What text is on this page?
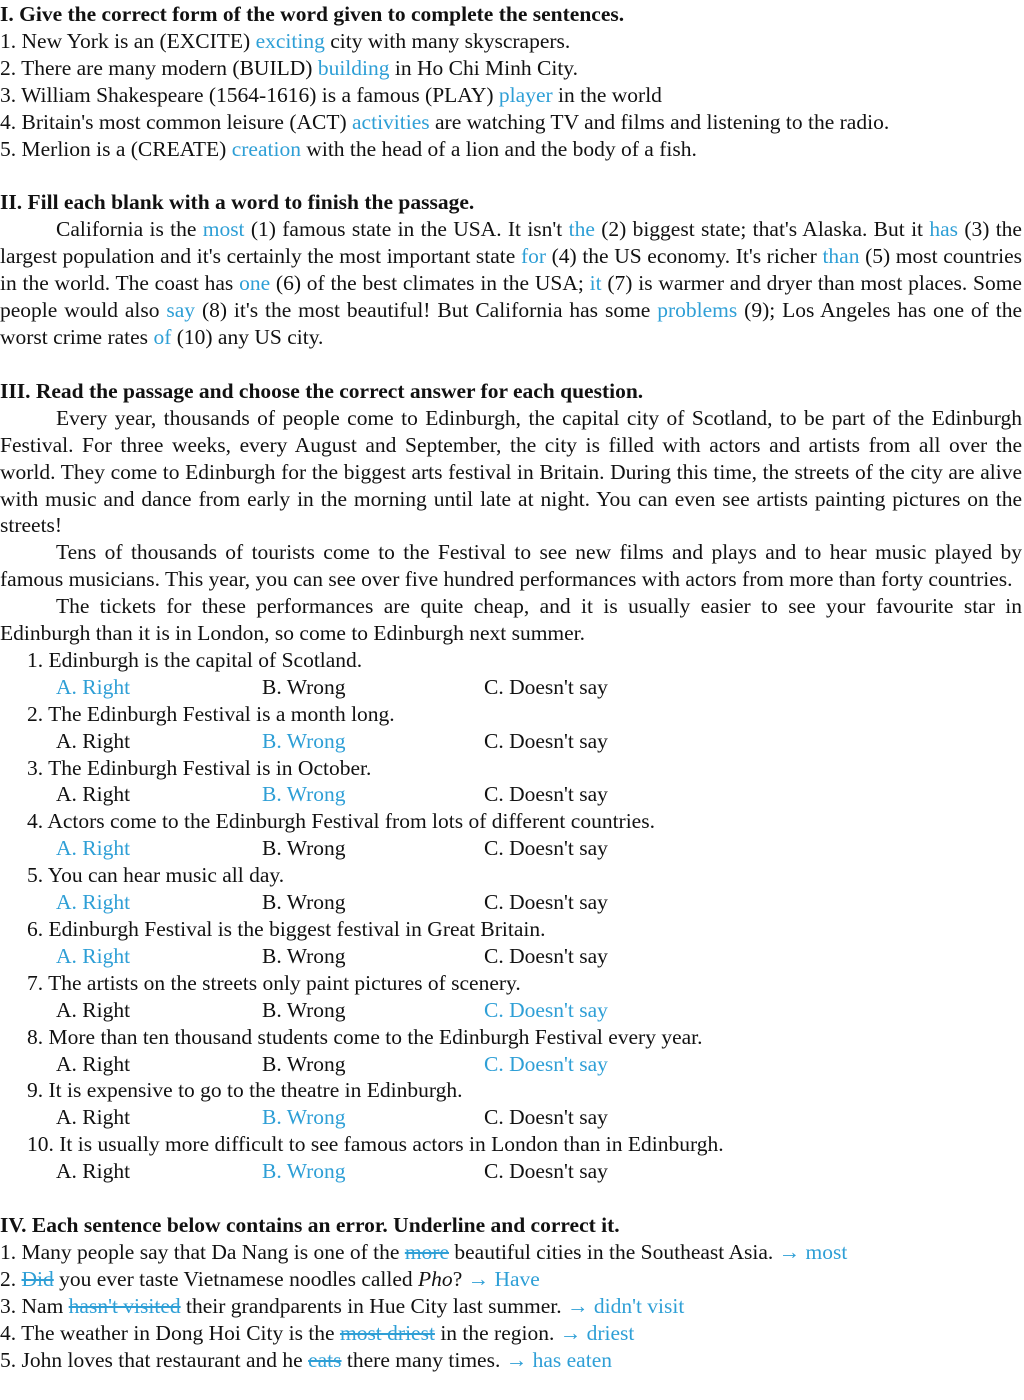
I. Give the correct form of the word given to complete the sentences.

1. New York is an (EXCITE) exciting city with many skyscrapers.

2. There are many modern (BUILD) building in Ho Chi Minh City.

3. William Shakespeare (1564-1616) is a famous (PLAY) player in the world

4. Britain's most common leisure (ACT) activities are watching TV and films and listening to the radio.

5. Merlion is a (CREATE) creation with the head of a lion and the body of a fish.

II. Fill each blank with a word to finish the passage.

California is the most (1) famous state in the USA. It isn't the (2) biggest state; that's Alaska. But it has (3) the largest population and it's certainly the most important state for (4) the US economy. It's richer than (5) most countries in the world. The coast has one (6) of the best climates in the USA; it (7) is warmer and dryer than most places. Some people would also say (8) it's the most beautiful! But California has some problems (9); Los Angeles has one of the worst crime rates of (10) any US city.

III. Read the passage and choose the correct answer for each question.

Every year, thousands of people come to Edinburgh, the capital city of Scotland, to be part of the Edinburgh Festival. For three weeks, every August and September, the city is filled with actors and artists from all over the world. They come to Edinburgh for the biggest arts festival in Britain. During this time, the streets of the city are alive with music and dance from early in the morning until late at night. You can even see artists painting pictures on the streets!

Tens of thousands of tourists come to the Festival to see new films and plays and to hear music played by famous musicians. This year, you can see over five hundred performances with actors from more than forty countries.

The tickets for these performances are quite cheap, and it is usually easier to see your favourite star in Edinburgh than it is in London, so come to Edinburgh next summer.

1. Edinburgh is the capital of Scotland.

A. Right	B. Wrong	C. Doesn't say

2. The Edinburgh Festival is a month long.

A. Right	B. Wrong	C. Doesn't say

3. The Edinburgh Festival is in October.

A. Right	B. Wrong	C. Doesn't say

4. Actors come to the Edinburgh Festival from lots of different countries.

A. Right	B. Wrong	C. Doesn't say

5. You can hear music all day.

A. Right	B. Wrong	C. Doesn't say

6. Edinburgh Festival is the biggest festival in Great Britain.

A. Right	B. Wrong	C. Doesn't say

7. The artists on the streets only paint pictures of scenery.

A. Right	B. Wrong	C. Doesn't say

8. More than ten thousand students come to the Edinburgh Festival every year.

A. Right	B. Wrong	C. Doesn't say

9. It is expensive to go to the theatre in Edinburgh.

A. Right	B. Wrong	C. Doesn't say

10. It is usually more difficult to see famous actors in London than in Edinburgh.

A. Right	B. Wrong	C. Doesn't say

IV. Each sentence below contains an error. Underline and correct it.

1. Many people say that Da Nang is one of the more beautiful cities in the Southeast Asia. → most

2. Did you ever taste Vietnamese noodles called Pho? → Have

3. Nam hasn't visited their grandparents in Hue City last summer. → didn't visit

4. The weather in Dong Hoi City is the most driest in the region. → driest

5. John loves that restaurant and he eats there many times. → has eaten
